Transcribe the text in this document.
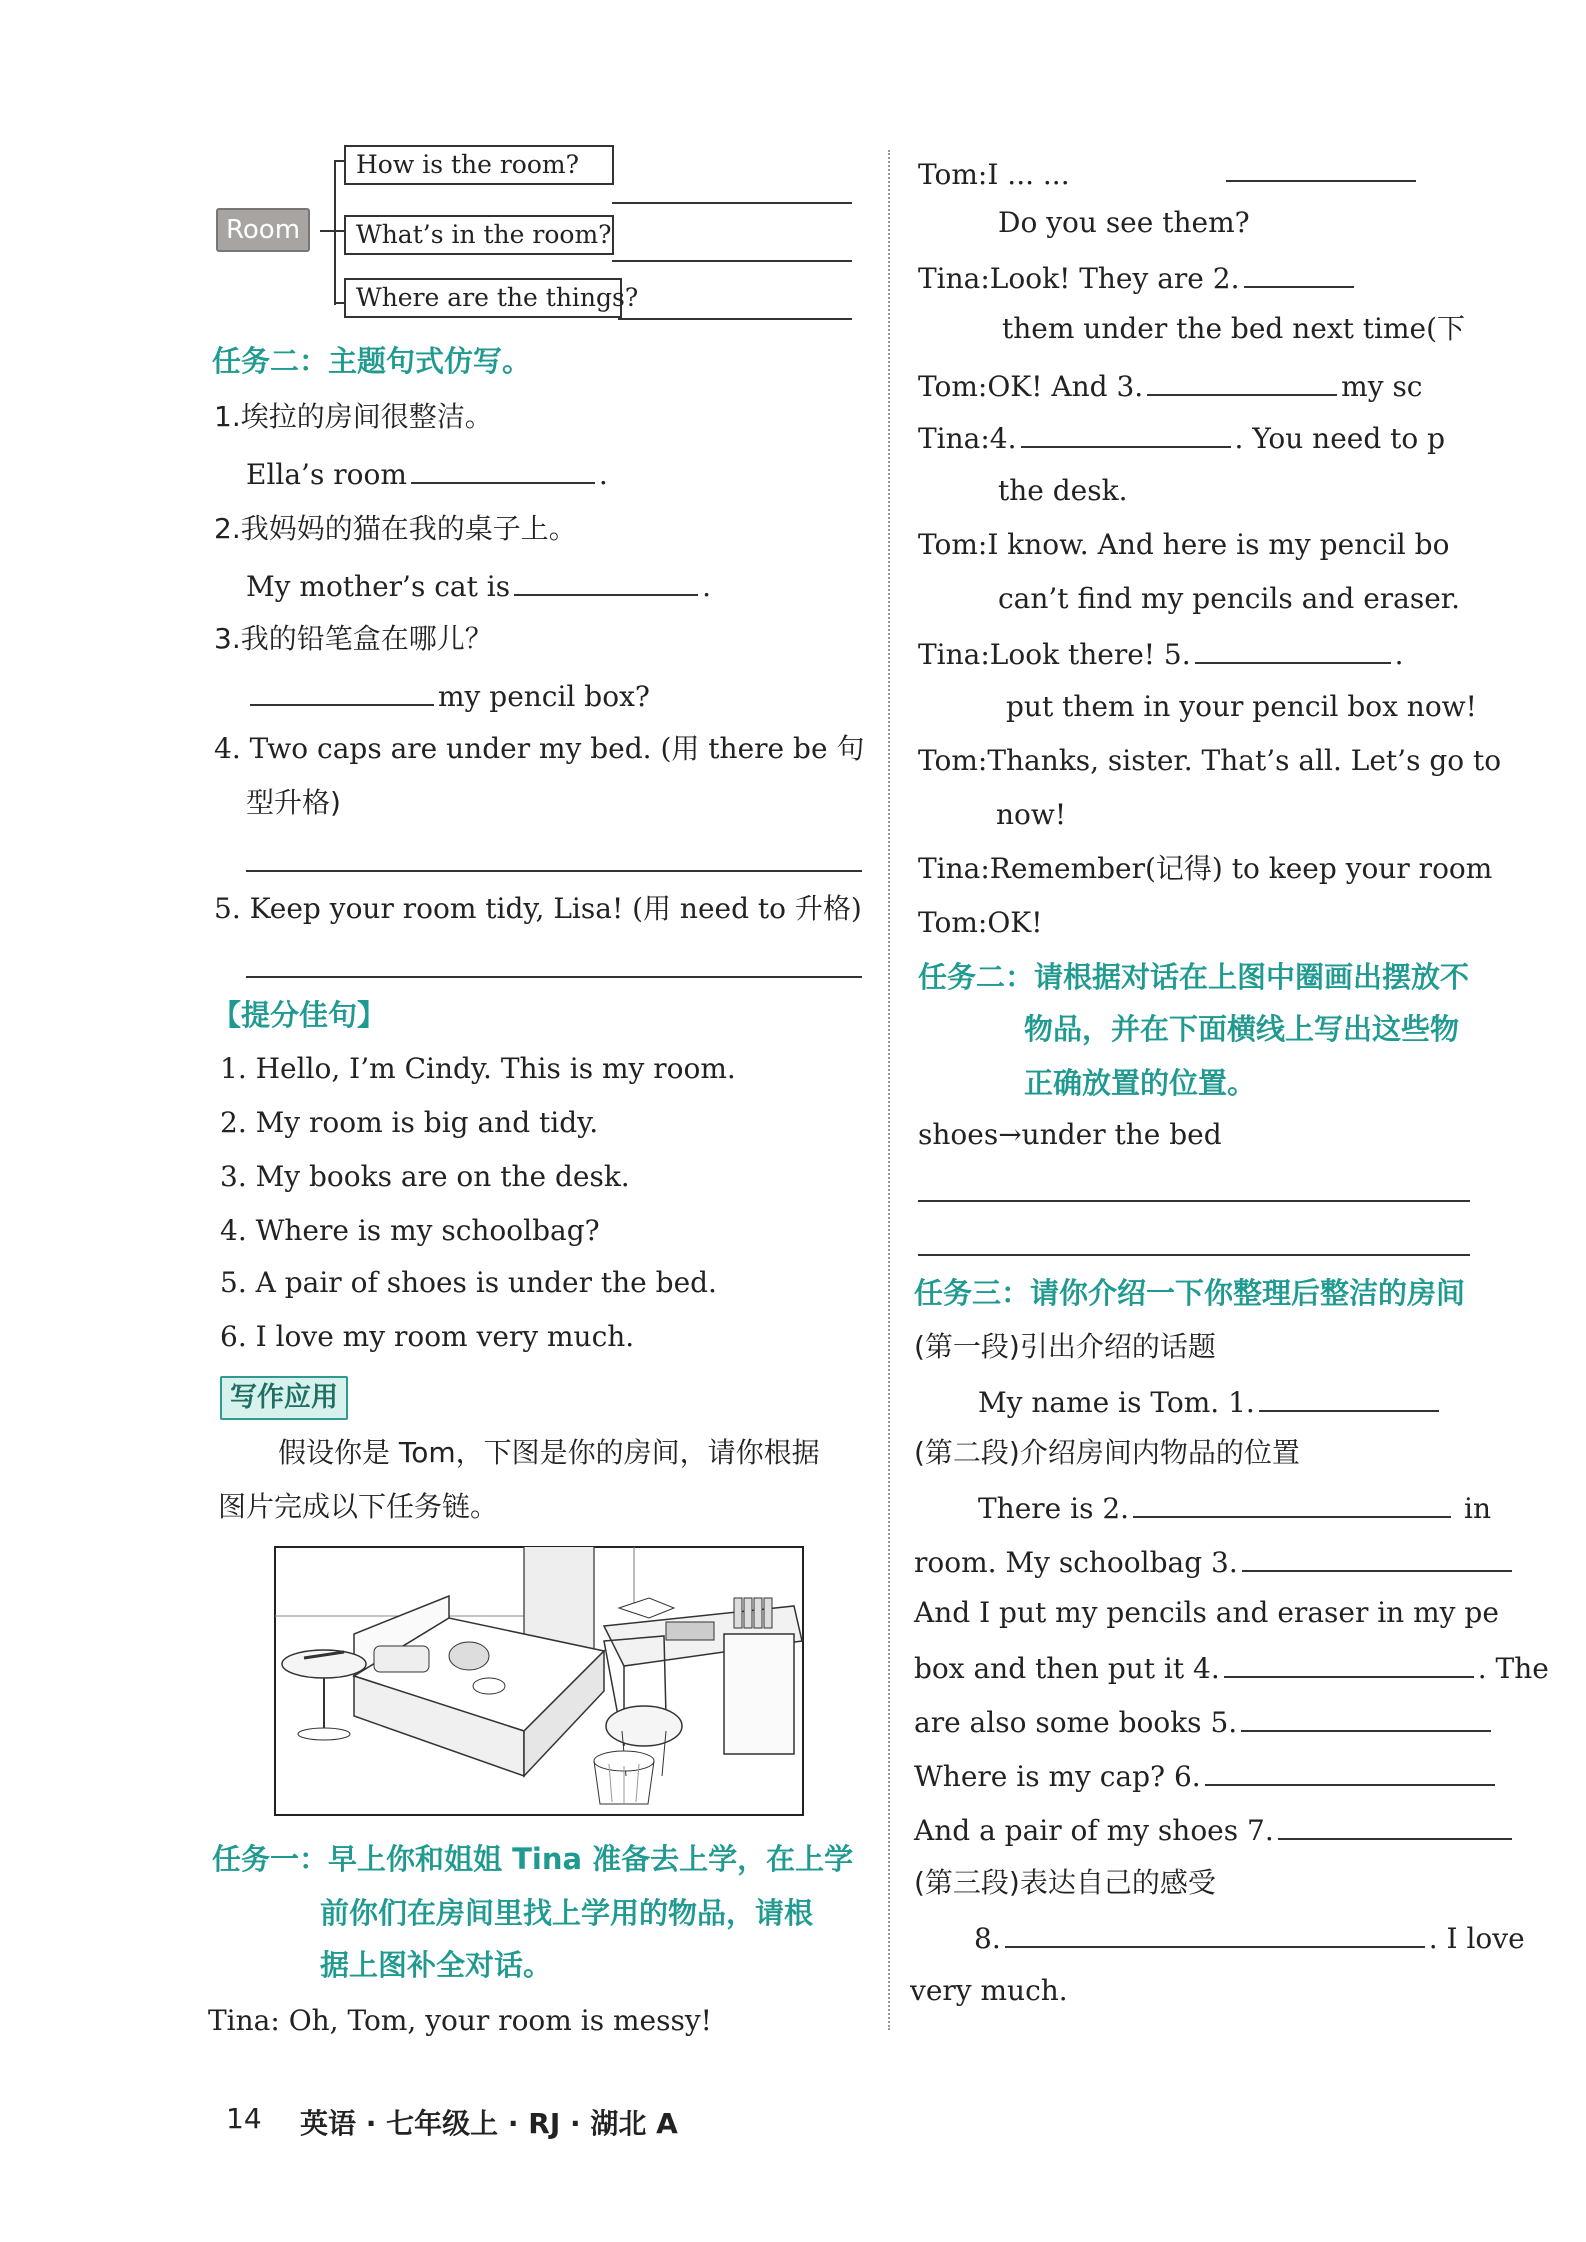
Room
How is the room?
What’s in the room?
Where are the things?
任务二：主题句式仿写。
1.埃拉的房间很整洁。
Ella’s room	.
2.我妈妈的猫在我的桌子上。
My mother’s cat is	.
3.我的铅笔盒在哪儿？
my pencil box?
4. Two caps are under my bed. (用 there be 句
型升格)
5. Keep your room tidy, Lisa! (用 need to 升格)
【提分佳句】
1. Hello, I’m Cindy. This is my room.
2. My room is big and tidy.
3. My books are on the desk.
4. Where is my schoolbag?
5. A pair of shoes is under the bed.
6. I love my room very much.
写作应用
假设你是 Tom，下图是你的房间，请你根据
图片完成以下任务链。
任务一：早上你和姐姐 Tina 准备去上学，在上学
前你们在房间里找上学用的物品，请根
据上图补全对话。
Tina: Oh, Tom, your room is messy!
Tom:I ... ...
Do you see them?
Tina:Look! They are 2.
them under the bed next time(下
Tom:OK! And 3.	my sc
Tina:4.	. You need to p
the desk.
Tom:I know. And here is my pencil bo
can’t find my pencils and eraser.
Tina:Look there! 5.	.
put them in your pencil box now!
Tom:Thanks, sister. That’s all. Let’s go to
now!
Tina:Remember(记得) to keep your room
Tom:OK!
任务二：请根据对话在上图中圈画出摆放不
物品，并在下面横线上写出这些物
正确放置的位置。
shoes→under the bed
任务三：请你介绍一下你整理后整洁的房间
(第一段)引出介绍的话题
My name is Tom. 1.
(第二段)介绍房间内物品的位置
There is 2.	in
room. My schoolbag 3.
And I put my pencils and eraser in my pe
box and then put it 4.	. The
are also some books 5.
Where is my cap? 6.
And a pair of my shoes 7.
(第三段)表达自己的感受
8.	. I love
very much.
14 英语 · 七年级上 · RJ · 湖北 A
